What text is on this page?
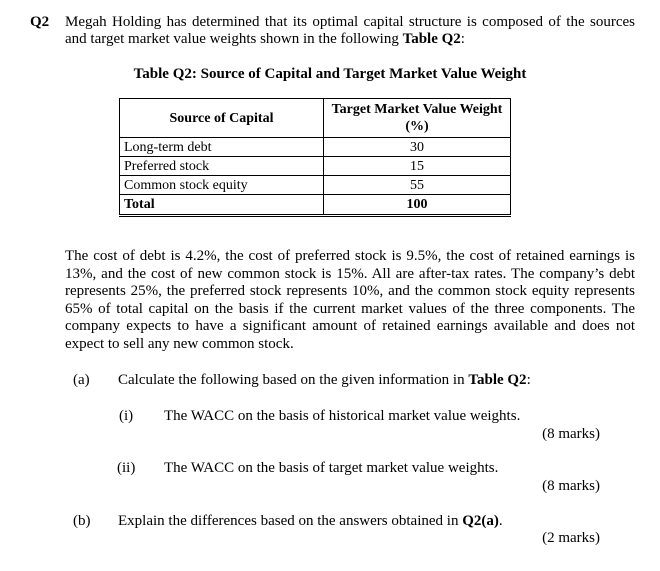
Q2 Megah Holding has determined that its optimal capital structure is composed of the sources and target market value weights shown in the following Table Q2:
Table Q2: Source of Capital and Target Market Value Weight
Source of Capital	Target Market Value Weight (%)
Long-term debt	30
Preferred stock	15
Common stock equity	55
Total	100
The cost of debt is 4.2%, the cost of preferred stock is 9.5%, the cost of retained earnings is 13%, and the cost of new common stock is 15%. All are after-tax rates. The company’s debt represents 25%, the preferred stock represents 10%, and the common stock equity represents 65% of total capital on the basis if the current market values of the three components. The company expects to have a significant amount of retained earnings available and does not expect to sell any new common stock.
(a) Calculate the following based on the given information in Table Q2:
(i) The WACC on the basis of historical market value weights.
(8 marks)
(ii) The WACC on the basis of target market value weights.
(8 marks)
(b) Explain the differences based on the answers obtained in Q2(a).
(2 marks)
